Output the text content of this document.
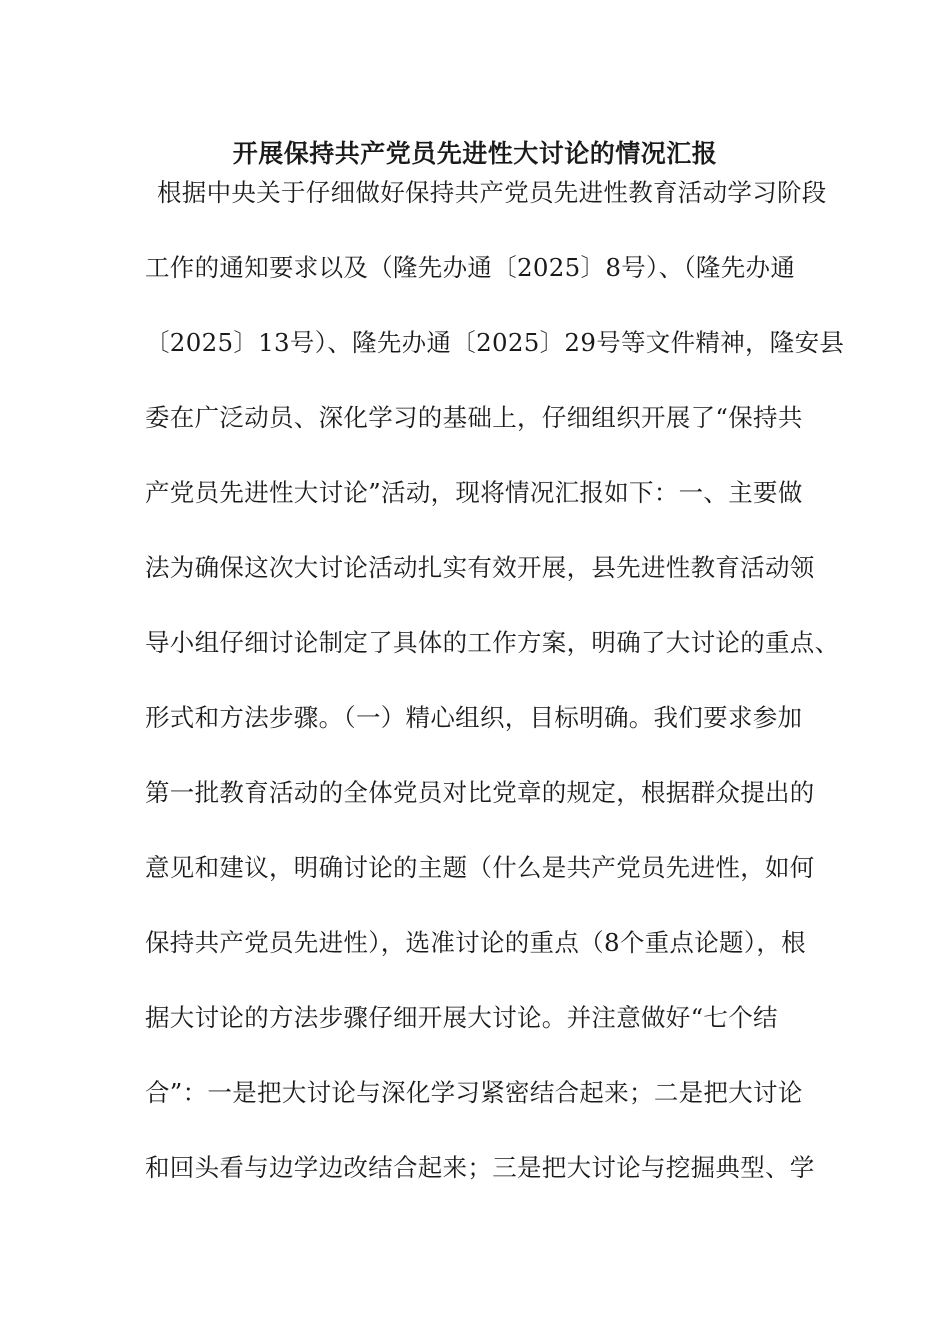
开展保持共产党员先进性大讨论的情况汇报
根据中央关于仔细做好保持共产党员先进性教育活动学习阶段
工作的通知要求以及（隆先办通〔2025〕8号）、（隆先办通
〔2025〕13号）、隆先办通〔2025〕29号等文件精神，隆安县
委在广泛动员、深化学习的基础上，仔细组织开展了“保持共
产党员先进性大讨论”活动，现将情况汇报如下：一、主要做
法为确保这次大讨论活动扎实有效开展，县先进性教育活动领
导小组仔细讨论制定了具体的工作方案，明确了大讨论的重点、
形式和方法步骤。（一）精心组织，目标明确。我们要求参加
第一批教育活动的全体党员对比党章的规定，根据群众提出的
意见和建议，明确讨论的主题（什么是共产党员先进性，如何
保持共产党员先进性），选准讨论的重点（8个重点论题），根
据大讨论的方法步骤仔细开展大讨论。并注意做好“七个结
合”：一是把大讨论与深化学习紧密结合起来；二是把大讨论
和回头看与边学边改结合起来；三是把大讨论与挖掘典型、学
